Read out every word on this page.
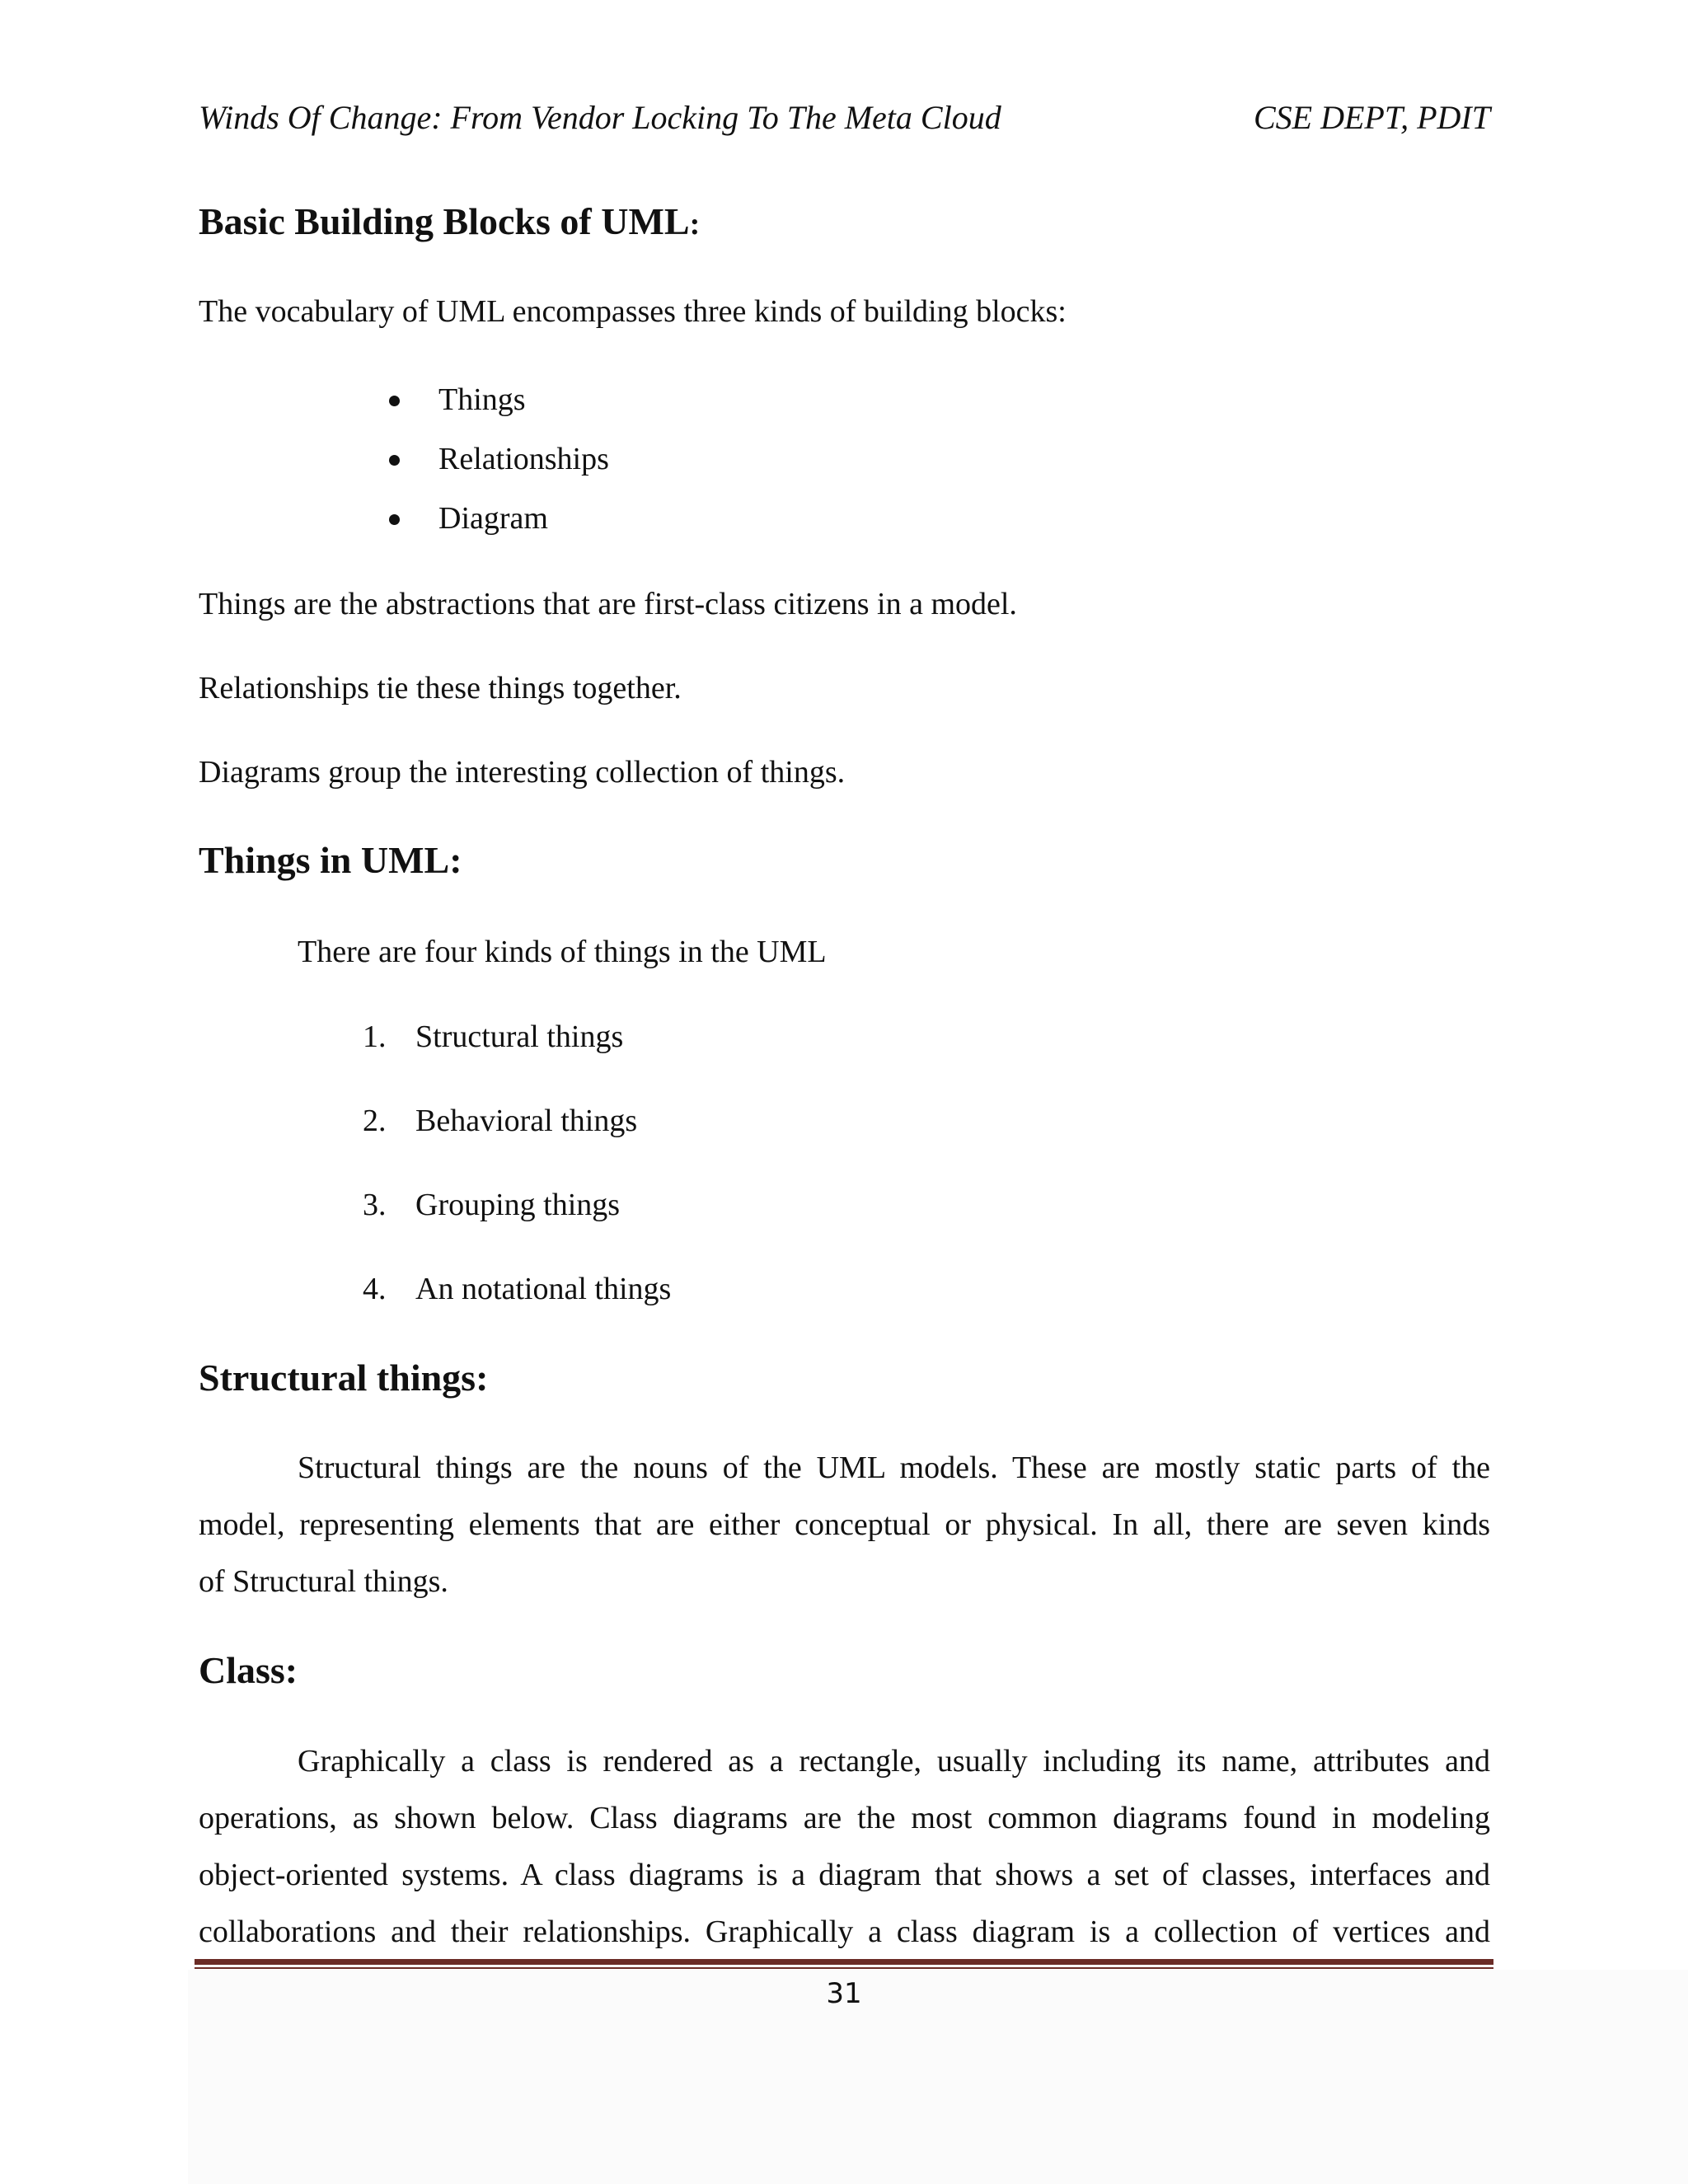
Winds Of Change: From Vendor Locking To The Meta Cloud	CSE DEPT, PDIT
Basic Building Blocks of UML:
The vocabulary of UML encompasses three kinds of building blocks:
Things
Relationships
Diagram
Things are the abstractions that are first-class citizens in a model.
Relationships tie these things together.
Diagrams group the interesting collection of things.
Things in UML:
There are four kinds of things in the UML
1. Structural things
2. Behavioral things
3. Grouping things
4. An notational things
Structural things:
Structural things are the nouns of the UML models. These are mostly static parts of the
model, representing elements that are either conceptual or physical. In all, there are seven kinds
of Structural things.
Class:
Graphically a class is rendered as a rectangle, usually including its name, attributes and
operations, as shown below. Class diagrams are the most common diagrams found in modeling
object-oriented systems. A class diagrams is a diagram that shows a set of classes, interfaces and
collaborations and their relationships. Graphically a class diagram is a collection of vertices and
31
